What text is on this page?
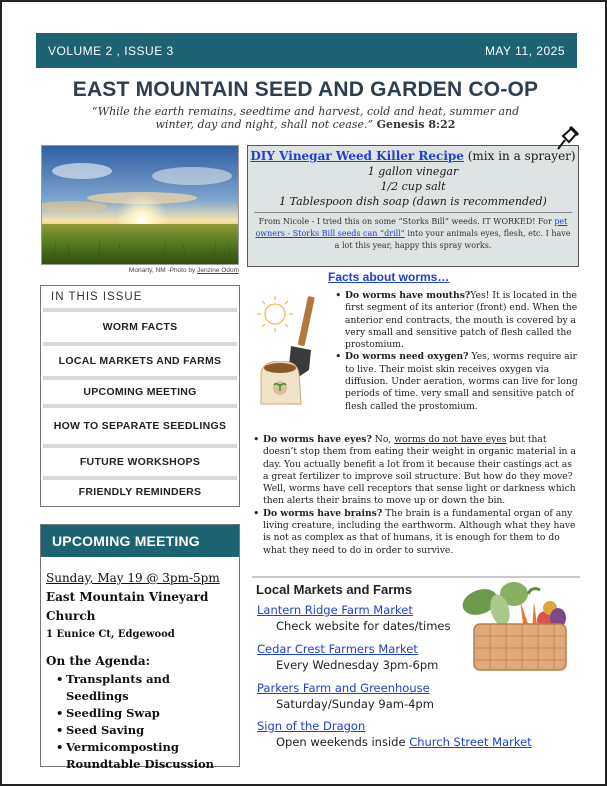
VOLUME 2 , ISSUE 3	MAY 11, 2025
EAST MOUNTAIN SEED AND GARDEN CO-OP
“While the earth remains, seedtime and harvest, cold and heat, summer and winter, day and night, shall not cease.” Genesis 8:22
Moriarty, NM -Photo by Jenzine Odom
IN THIS ISSUE
WORM FACTS
LOCAL MARKETS AND FARMS
UPCOMING MEETING
HOW TO SEPARATE SEEDLINGS
FUTURE WORKSHOPS
FRIENDLY REMINDERS
UPCOMING MEETING
Sunday, May 19 @ 3pm-5pm
East Mountain Vineyard Church
1 Eunice Ct, Edgewood
On the Agenda:
• Transplants and Seedlings
• Seedling Swap
• Seed Saving
• Vermicomposting Roundtable Discussion
DIY Vinegar Weed Killer Recipe (mix in a sprayer)
1 gallon vinegar
1/2 cup salt
1 Tablespoon dish soap (dawn is recommended)
From Nicole - I tried this on some “Storks Bill” weeds. IT WORKED! For pet owners - Storks Bill seeds can “drill” into your animals eyes, flesh, etc. I have a lot this year, happy this spray works.
Facts about worms…
• Do worms have mouths?Yes! It is located in the first segment of its anterior (front) end. When the anterior end contracts, the mouth is covered by a very small and sensitive patch of flesh called the prostomium.
• Do worms need oxygen? Yes, worms require air to live. Their moist skin receives oxygen via diffusion. Under aeration, worms can live for long periods of time. very small and sensitive patch of flesh called the prostomium.
• Do worms have eyes? No, worms do not have eyes but that doesn’t stop them from eating their weight in organic material in a day. You actually benefit a lot from it because their castings act as a great fertilizer to improve soil structure. But how do they move? Well, worms have cell receptors that sense light or darkness which then alerts their brains to move up or down the bin.
• Do worms have brains? The brain is a fundamental organ of any living creature, including the earthworm. Although what they have is not as complex as that of humans, it is enough for them to do what they need to do in order to survive.
Local Markets and Farms
Lantern Ridge Farm Market
Check website for dates/times
Cedar Crest Farmers Market
Every Wednesday 3pm-6pm
Parkers Farm and Greenhouse
Saturday/Sunday 9am-4pm
Sign of the Dragon
Open weekends inside Church Street Market
